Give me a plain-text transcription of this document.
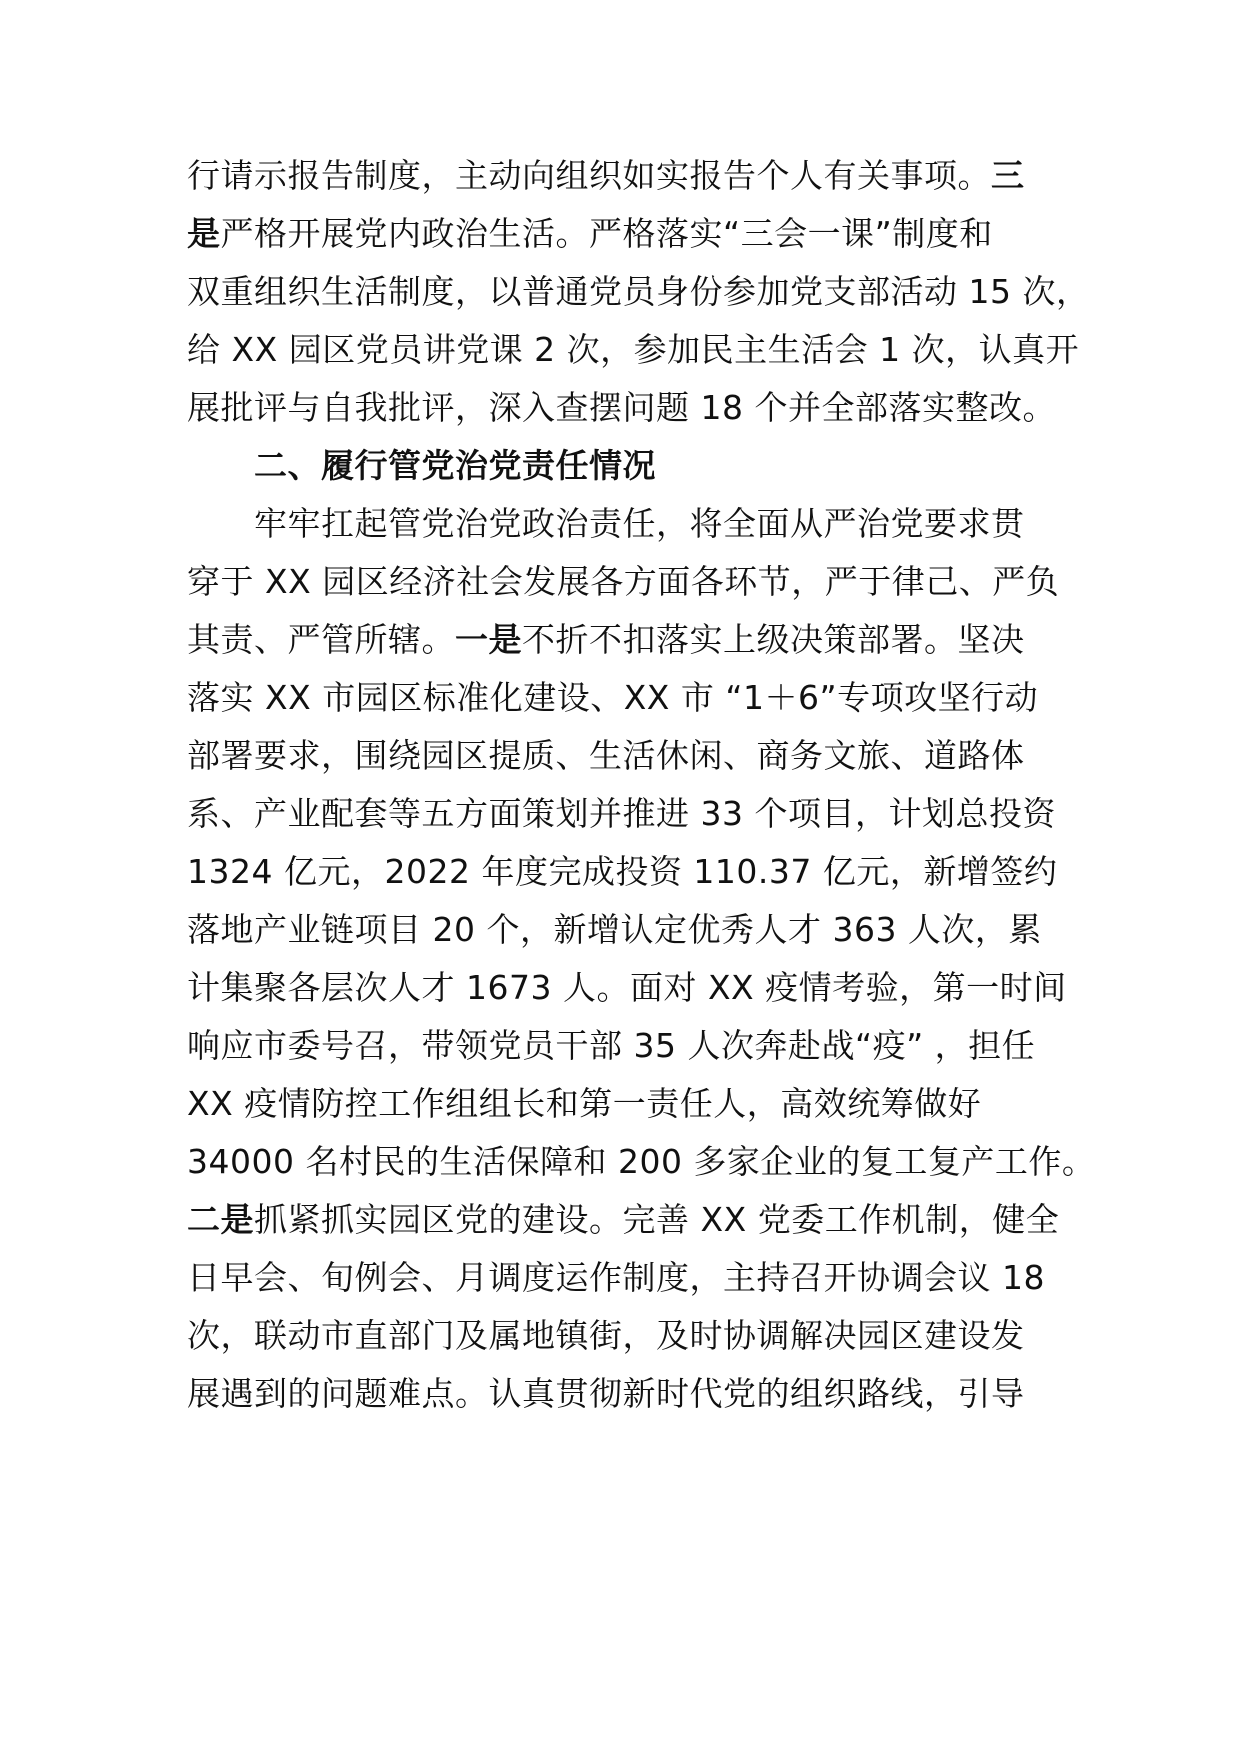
行请示报告制度，主动向组织如实报告个人有关事项。三
是严格开展党内政治生活。严格落实“三会一课”制度和
双重组织生活制度，以普通党员身份参加党支部活动 15 次，
给 XX 园区党员讲党课 2 次，参加民主生活会 1 次，认真开
展批评与自我批评，深入查摆问题 18 个并全部落实整改。
二、履行管党治党责任情况
牢牢扛起管党治党政治责任，将全面从严治党要求贯
穿于 XX 园区经济社会发展各方面各环节，严于律己、严负
其责、严管所辖。一是不折不扣落实上级决策部署。坚决
落实 XX 市园区标准化建设、XX 市 “1＋6”专项攻坚行动
部署要求，围绕园区提质、生活休闲、商务文旅、道路体
系、产业配套等五方面策划并推进 33 个项目，计划总投资
1324 亿元，2022 年度完成投资 110.37 亿元，新增签约
落地产业链项目 20 个，新增认定优秀人才 363 人次，累
计集聚各层次人才 1673 人。面对 XX 疫情考验，第一时间
响应市委号召，带领党员干部 35 人次奔赴战“疫” ，担任
XX 疫情防控工作组组长和第一责任人，高效统筹做好
34000 名村民的生活保障和 200 多家企业的复工复产工作。
二是抓紧抓实园区党的建设。完善 XX 党委工作机制，健全
日早会、旬例会、月调度运作制度，主持召开协调会议 18
次，联动市直部门及属地镇街，及时协调解决园区建设发
展遇到的问题难点。认真贯彻新时代党的组织路线，引导
